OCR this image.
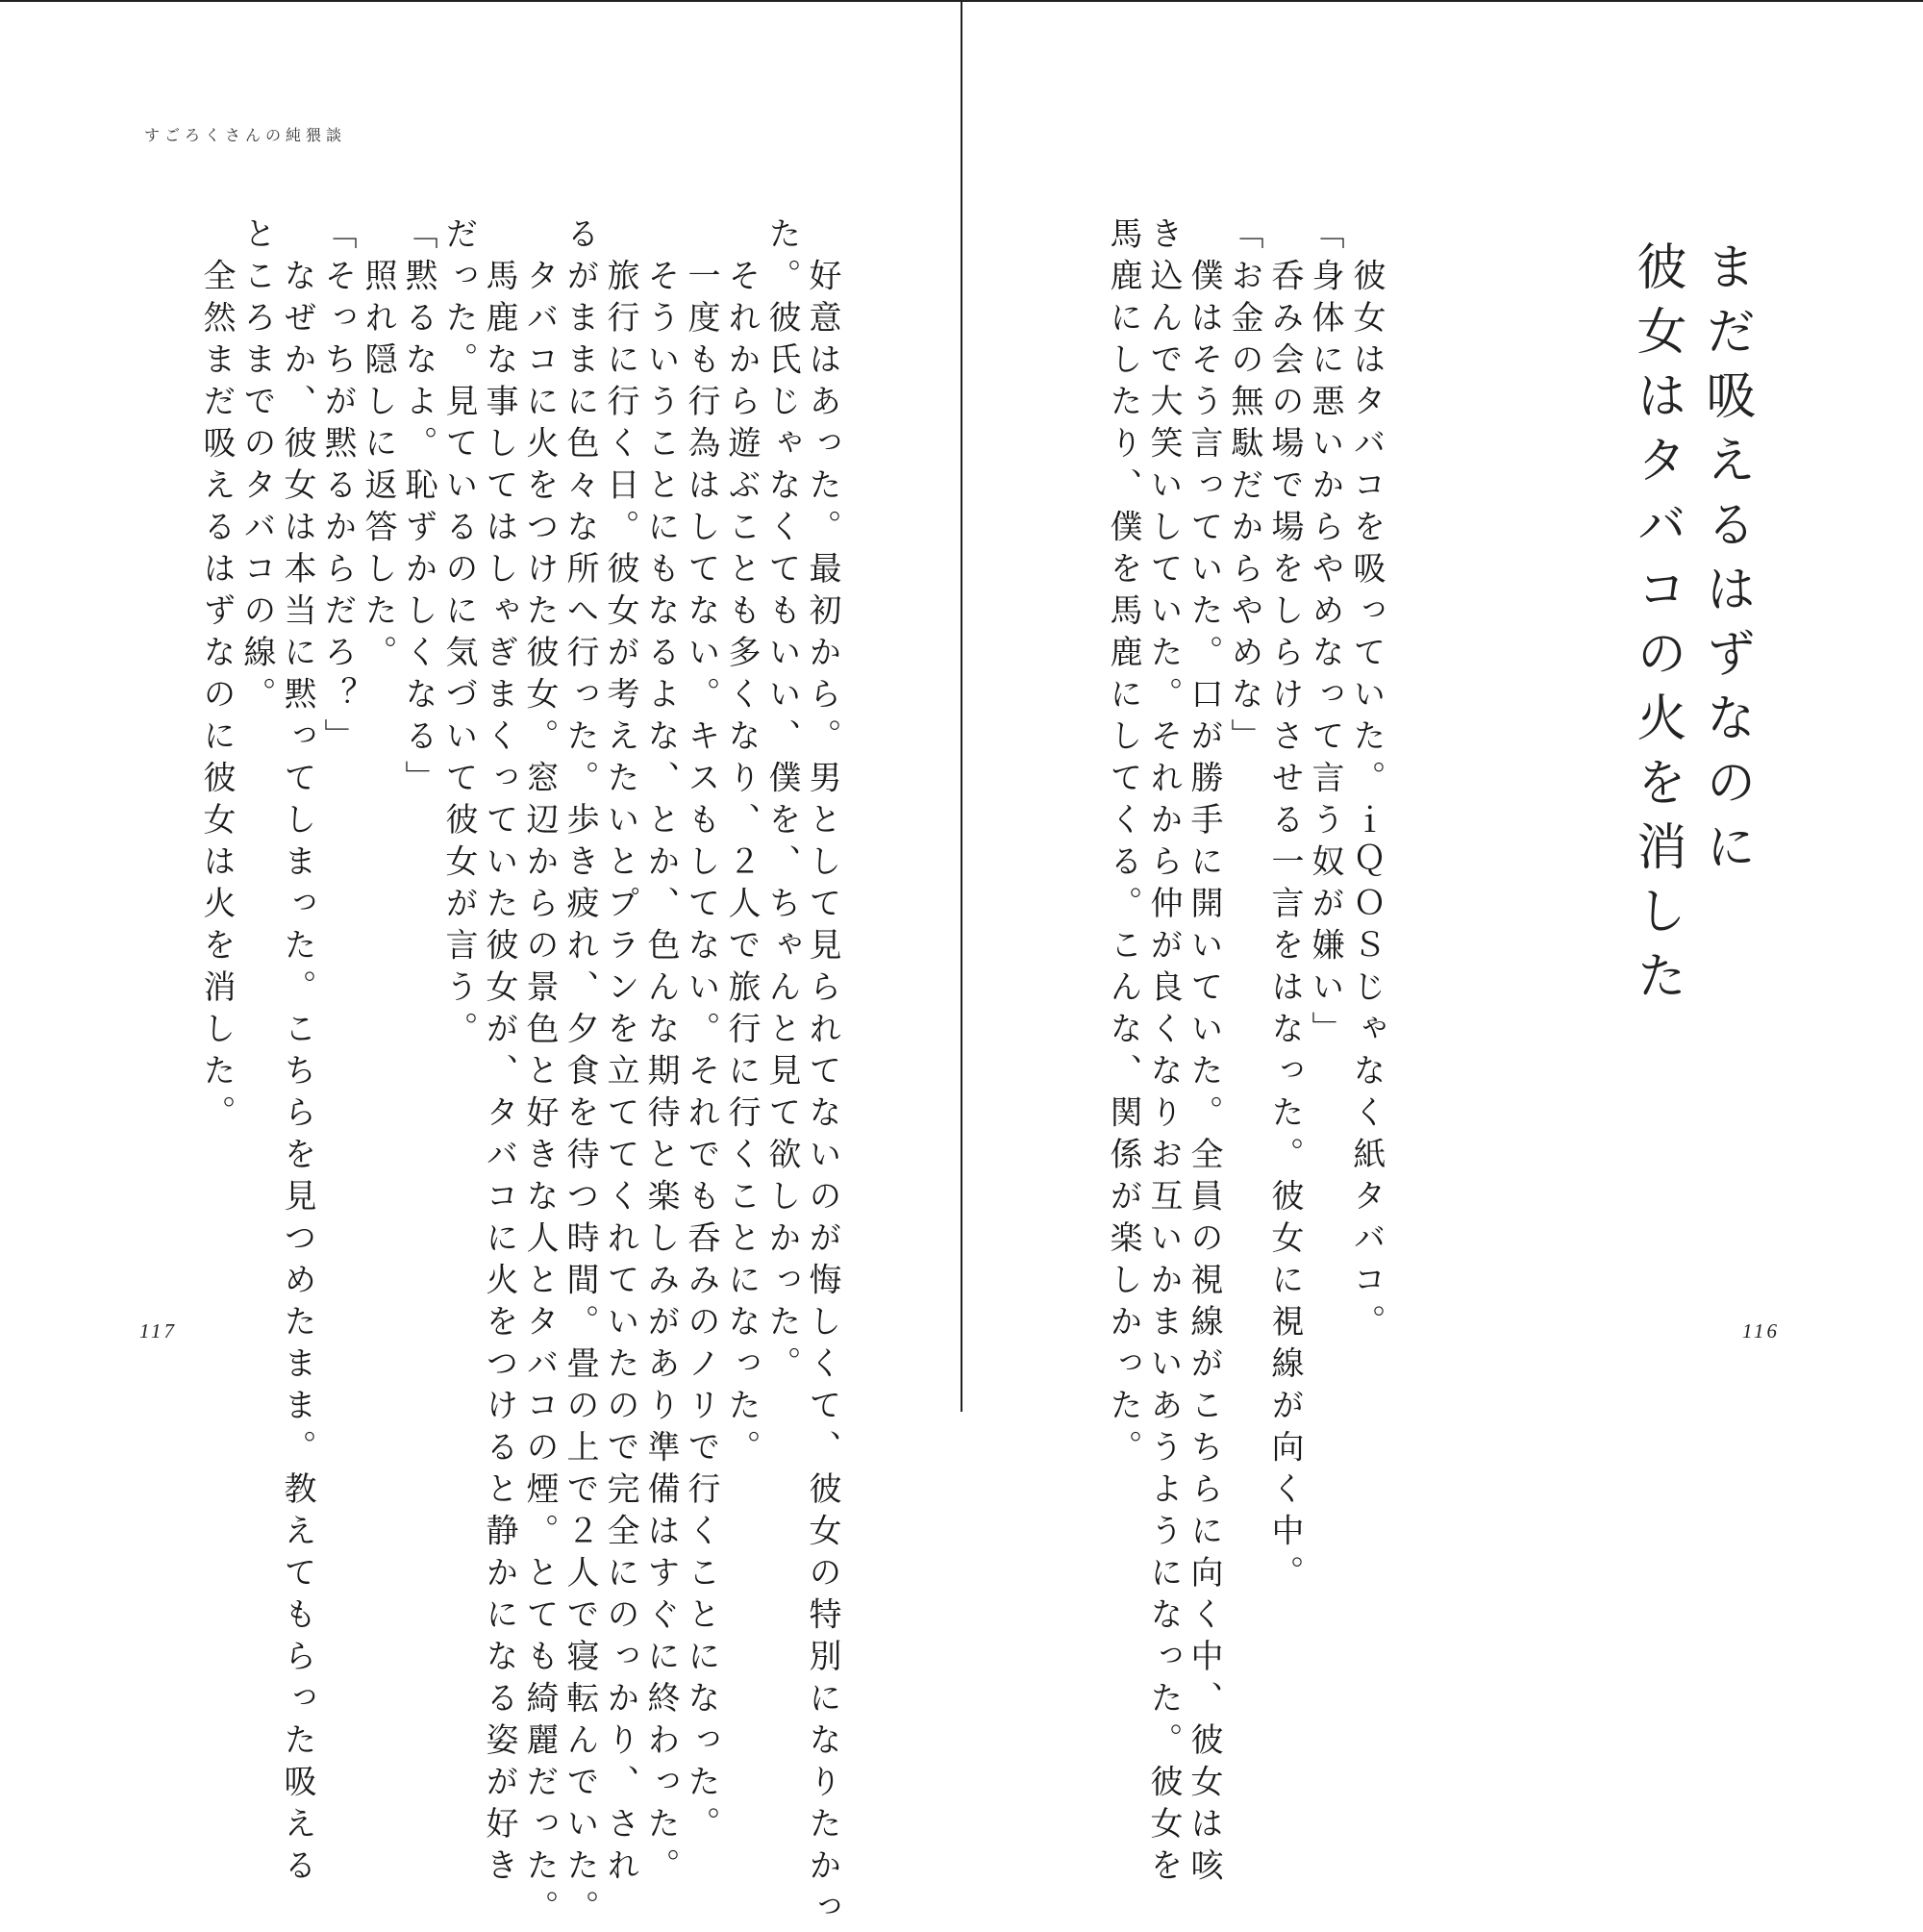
すごろくさんの純猥談
　好意はあった。最初から。男として見られてないのが悔しくて、彼女の特別になりたかっ
た。彼氏じゃなくてもいい、僕を、ちゃんと見て欲しかった。
　それから遊ぶことも多くなり、２人で旅行に行くことになった。
　一度も行為はしてない。キスもしてない。それでも呑みのノリで行くことになった。
　そういうことにもなるよな、とか、色んな期待と楽しみがあり準備はすぐに終わった。
　旅行に行く日。彼女が考えたいとプランを立ててくれていたので完全にのっかり、され
るがままに色々な所へ行った。歩き疲れ、夕食を待つ時間。畳の上で２人で寝転んでいた。
　タバコに火をつけた彼女。窓辺からの景色と好きな人とタバコの煙。とても綺麗だった。
　馬鹿な事してはしゃぎまくっていた彼女が、タバコに火をつけると静かになる姿が好き
だった。見ているのに気づいて彼女が言う。
「黙るなよ。恥ずかしくなる」
　照れ隠しに返答した。
「そっちが黙るからだろ？」
　なぜか、彼女は本当に黙ってしまった。こちらを見つめたまま。教えてもらった吸える
ところまでのタバコの線。
　全然まだ吸えるはずなのに彼女は火を消した。
117
まだ吸えるはずなのに
彼女はタバコの火を消した
　彼女はタバコを吸っていた。ｉＱＯＳじゃなく紙タバコ。
「身体に悪いからやめなって言う奴が嫌い」
　呑み会の場で場をしらけさせる一言をはなった。彼女に視線が向く中。
「お金の無駄だからやめな」
　僕はそう言っていた。口が勝手に開いていた。全員の視線がこちらに向く中、彼女は咳
き込んで大笑いしていた。それから仲が良くなりお互いかまいあうようになった。彼女を
馬鹿にしたり、僕を馬鹿にしてくる。こんな、関係が楽しかった。	116
